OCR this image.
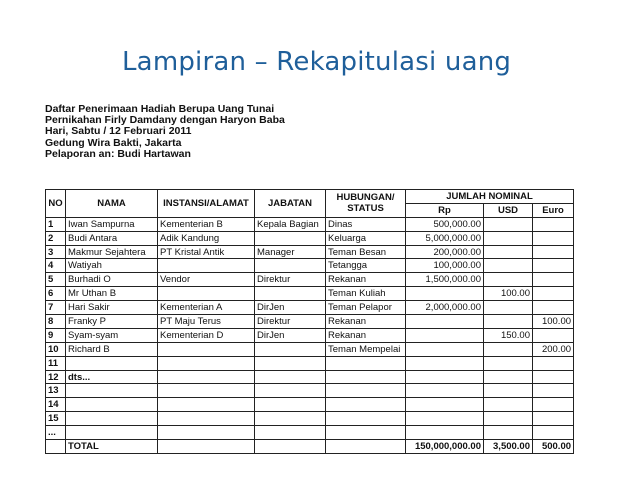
Lampiran – Rekapitulasi uang
Daftar Penerimaan Hadiah Berupa Uang Tunai
Pernikahan Firly Damdany dengan Haryon Baba
Hari, Sabtu / 12 Februari 2011
Gedung Wira Bakti, Jakarta
Pelaporan an: Budi Hartawan
NO	NAMA	INSTANSI/ALAMAT	JABATAN	HUBUNGAN/ STATUS	JUMLAH NOMINAL		
					Rp	USD	Euro
1	Iwan Sampurna	Kementerian B	Kepala Bagian	Dinas	500,000.00		
2	Budi Antara	Adik Kandung		Keluarga	5,000,000.00		
3	Makmur Sejahtera	PT Kristal Antik	Manager	Teman Besan	200,000.00		
4	Watiyah			Tetangga	100,000.00		
5	Burhadi O	Vendor	Direktur	Rekanan	1,500,000.00		
6	Mr Uthan B			Teman Kuliah		100.00	
7	Hari Sakir	Kementerian A	DirJen	Teman Pelapor	2,000,000.00		
8	Franky P	PT Maju Terus	Direktur	Rekanan			100.00
9	Syam-syam	Kementerian D	DirJen	Rekanan		150.00	
10	Richard B			Teman Mempelai			200.00
11							
12	dts...						
13							
14							
15							
...							
	TOTAL				150,000,000.00	3,500.00	500.00
